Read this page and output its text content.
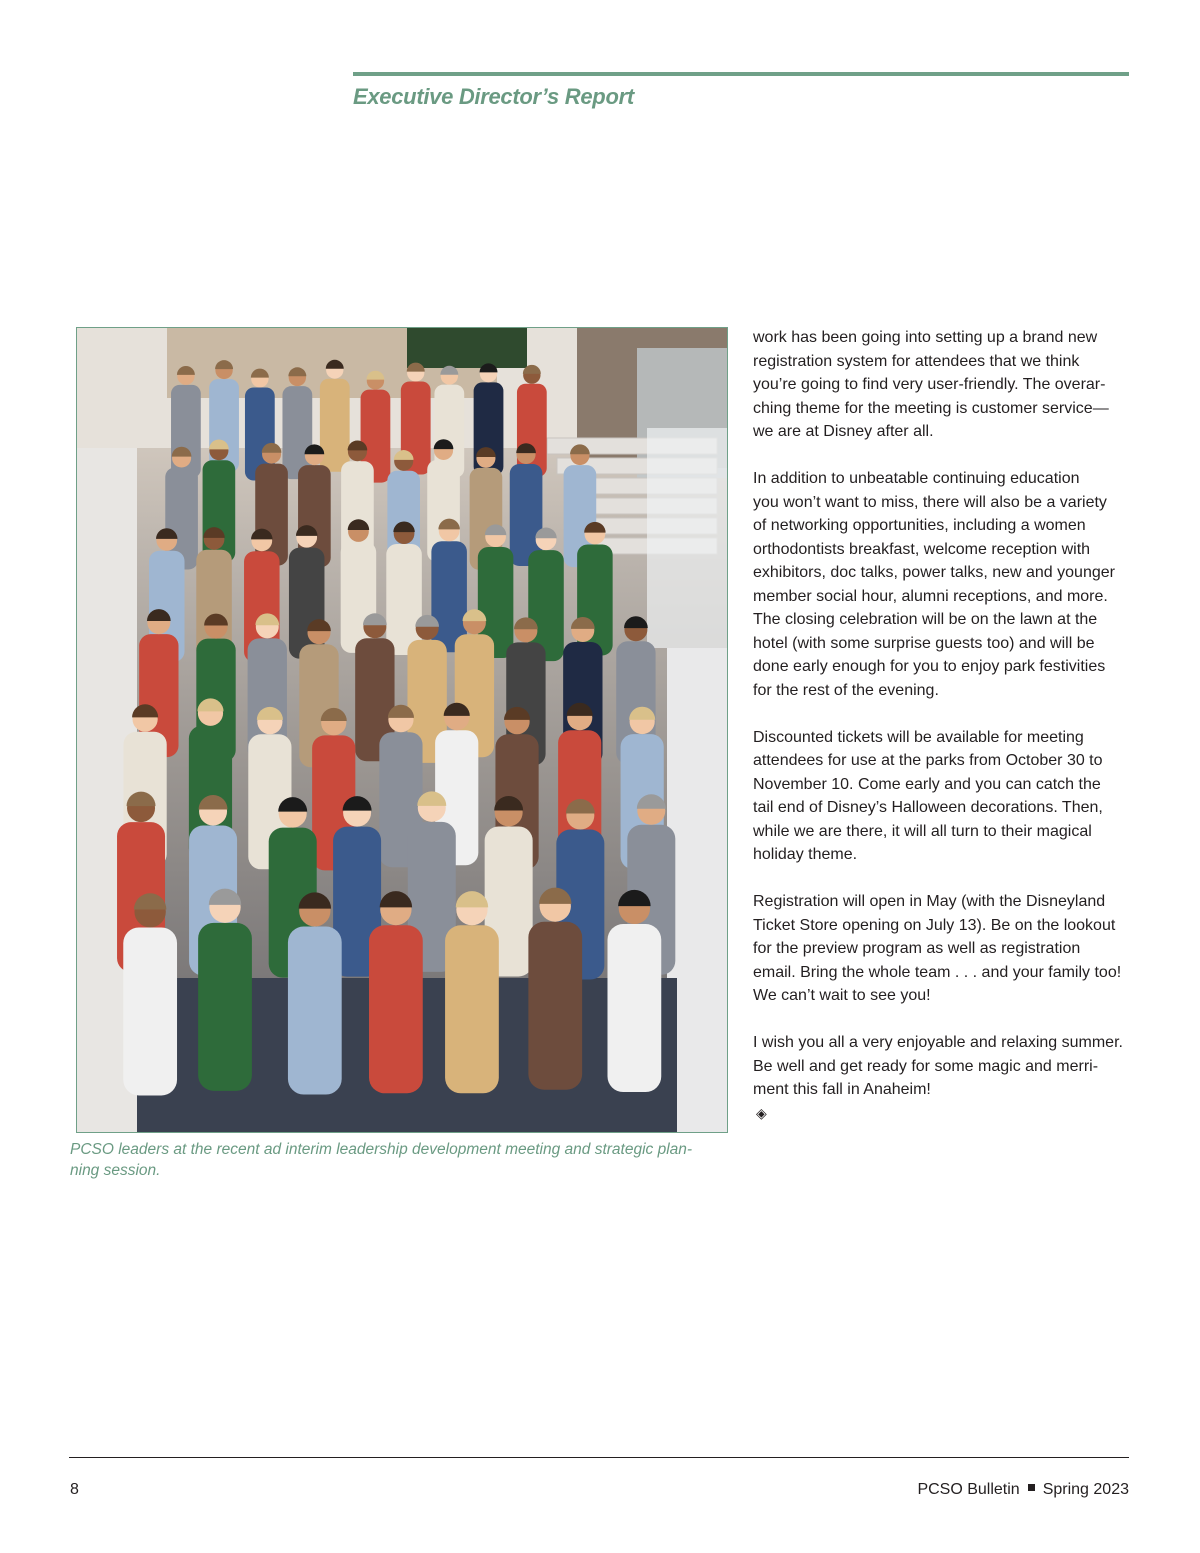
Executive Director’s Report

PCSO leaders at the recent ad interim leadership development meeting and strategic plan-
ning session.

work has been going into setting up a brand new
registration system for attendees that we think
you’re going to find very user-friendly. The overar-
ching theme for the meeting is customer service—
we are at Disney after all.

In addition to unbeatable continuing education
you won’t want to miss, there will also be a variety
of networking opportunities, including a women
orthodontists breakfast, welcome reception with
exhibitors, doc talks, power talks, new and younger
member social hour, alumni receptions, and more.
The closing celebration will be on the lawn at the
hotel (with some surprise guests too) and will be
done early enough for you to enjoy park festivities
for the rest of the evening.

Discounted tickets will be available for meeting
attendees for use at the parks from October 30 to
November 10. Come early and you can catch the
tail end of Disney’s Halloween decorations. Then,
while we are there, it will all turn to their magical
holiday theme.

Registration will open in May (with the Disneyland
Ticket Store opening on July 13). Be on the lookout
for the preview program as well as registration
email. Bring the whole team . . . and your family too!
We can’t wait to see you!

I wish you all a very enjoyable and relaxing summer.
Be well and get ready for some magic and merri-
ment this fall in Anaheim!
◈

8	PCSO Bulletin Spring 2023
